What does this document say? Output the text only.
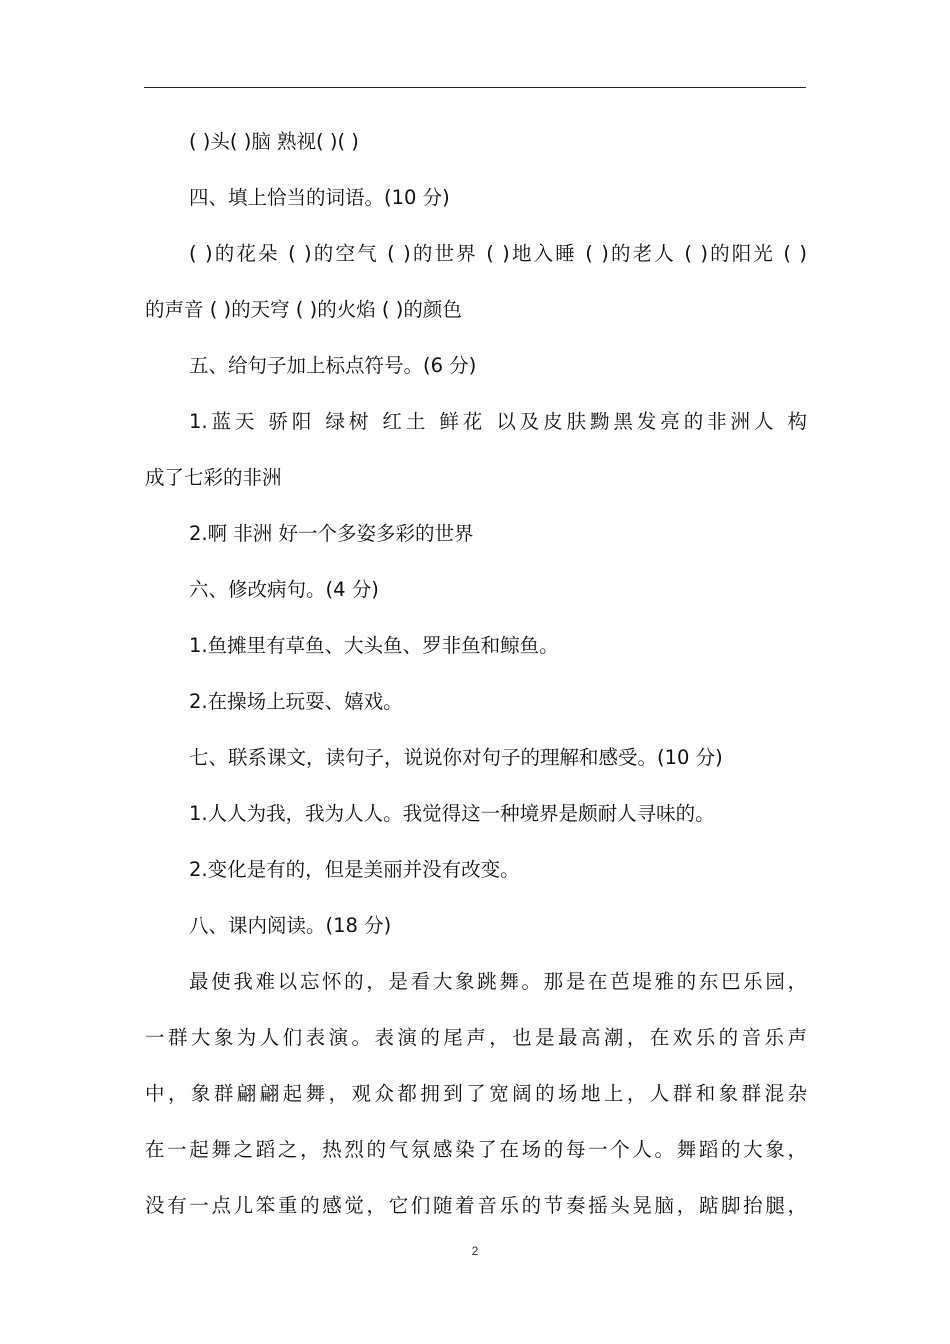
( )头( )脑 熟视( )( )
四、填上恰当的词语。(10 分)
( )的花朵 ( )的空气 ( )的世界 ( )地入睡 ( )的老人 ( )的阳光 ( )
的声音 ( )的天穹 ( )的火焰 ( )的颜色
五、给句子加上标点符号。(6 分)
1.蓝天 骄阳 绿树 红土 鲜花 以及皮肤黝黑发亮的非洲人 构
成了七彩的非洲
2.啊 非洲 好一个多姿多彩的世界
六、修改病句。(4 分)
1.鱼摊里有草鱼、大头鱼、罗非鱼和鲸鱼。
2.在操场上玩耍、嬉戏。
七、联系课文，读句子，说说你对句子的理解和感受。(10 分)
1.人人为我，我为人人。我觉得这一种境界是颇耐人寻味的。
2.变化是有的，但是美丽并没有改变。
八、课内阅读。(18 分)
最使我难以忘怀的，是看大象跳舞。那是在芭堤雅的东巴乐园，
一群大象为人们表演。表演的尾声，也是最高潮，在欢乐的音乐声
中，象群翩翩起舞，观众都拥到了宽阔的场地上，人群和象群混杂
在一起舞之蹈之，热烈的气氛感染了在场的每一个人。舞蹈的大象，
没有一点儿笨重的感觉，它们随着音乐的节奏摇头晃脑，踮脚抬腿，
2
